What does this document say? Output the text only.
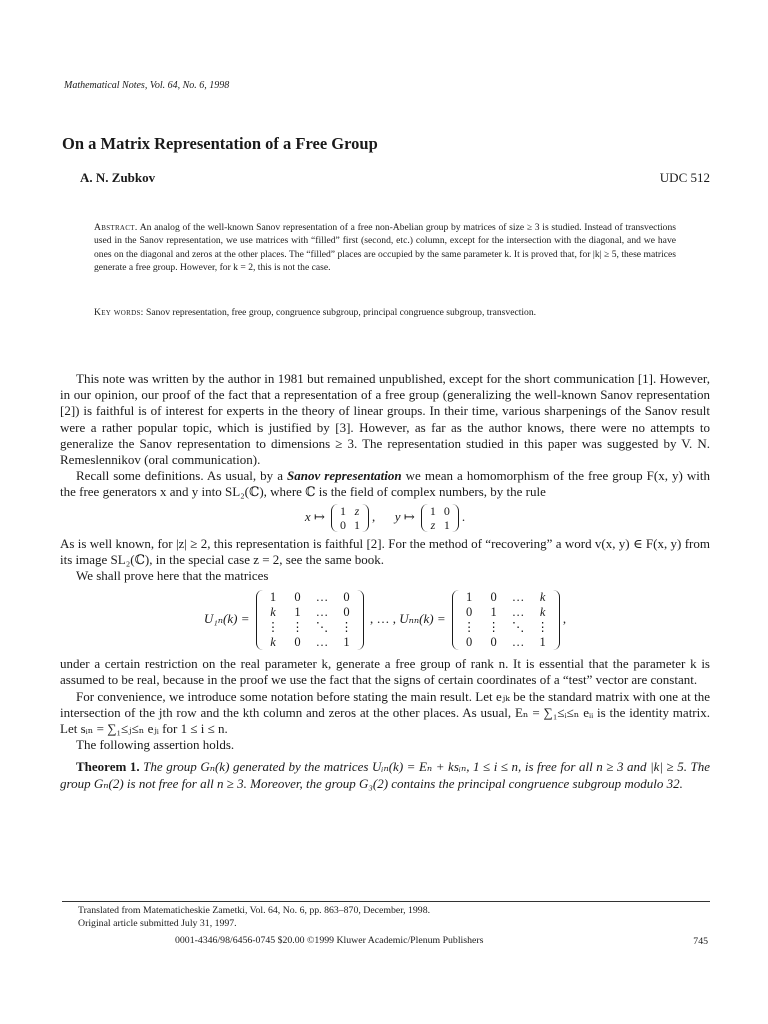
Mathematical Notes, Vol. 64, No. 6, 1998
On a Matrix Representation of a Free Group
A. N. Zubkov	UDC 512
Abstract. An analog of the well-known Sanov representation of a free non-Abelian group by matrices of size ≥ 3 is studied. Instead of transvections used in the Sanov representation, we use matrices with “filled” first (second, etc.) column, except for the intersection with the diagonal, and we have ones on the diagonal and zeros at the other places. The “filled” places are occupied by the same parameter k. It is proved that, for |k| ≥ 5, these matrices generate a free group. However, for k = 2, this is not the case.
Key words: Sanov representation, free group, congruence subgroup, principal congruence subgroup, transvection.

This note was written by the author in 1981 but remained unpublished, except for the short communication [1]. However, in our opinion, our proof of the fact that a representation of a free group (generalizing the well-known Sanov representation [2]) is faithful is of interest for experts in the theory of linear groups. In their time, various sharpenings of the Sanov result were a rather popular topic, which is justified by [3]. However, as far as the author knows, there were no attempts to generalize the Sanov representation to dimensions ≥ 3. The representation studied in this paper was suggested by V. N. Remeslennikov (oral communication).

Recall some definitions. As usual, by a Sanov representation we mean a homomorphism of the free group F(x, y) with the free generators x and y into SL₂(ℂ), where ℂ is the field of complex numbers, by the rule

x ↦ 1	z
0	1
,      y ↦ 1	0
z	1
.

As is well known, for |z| ≥ 2, this representation is faithful [2]. For the method of “recovering” a word v(x, y) ∈ F(x, y) from its image SL₂(ℂ), in the special case z = 2, see the same book.

We shall prove here that the matrices

U₁ₙ(k) =
1	0	…	0
k	1	…	0
⋮	⋮	⋱	⋮
k	0	…	1
, … , Uₙₙ(k) =
1	0	…	k
0	1	…	k
⋮	⋮	⋱	⋮
0	0	…	1
,

under a certain restriction on the real parameter k, generate a free group of rank n. It is essential that the parameter k is assumed to be real, because in the proof we use the fact that the signs of certain coordinates of a “test” vector are constant.

For convenience, we introduce some notation before stating the main result. Let eⱼₖ be the standard matrix with one at the intersection of the jth row and the kth column and zeros at the other places. As usual, Eₙ = ∑₁≤ᵢ≤ₙ eᵢᵢ is the identity matrix. Let sᵢₙ = ∑₁≤ⱼ≤ₙ eⱼᵢ for 1 ≤ i ≤ n.

The following assertion holds.

Theorem 1. The group Gₙ(k) generated by the matrices Uᵢₙ(k) = Eₙ + ksᵢₙ, 1 ≤ i ≤ n, is free for all n ≥ 3 and |k| ≥ 5. The group Gₙ(2) is not free for all n ≥ 3. Moreover, the group G₃(2) contains the principal congruence subgroup modulo 32.

Translated from Matematicheskie Zametki, Vol. 64, No. 6, pp. 863–870, December, 1998.
Original article submitted July 31, 1997.
0001-4346/98/6456-0745 $20.00 ©1999 Kluwer Academic/Plenum Publishers	745
